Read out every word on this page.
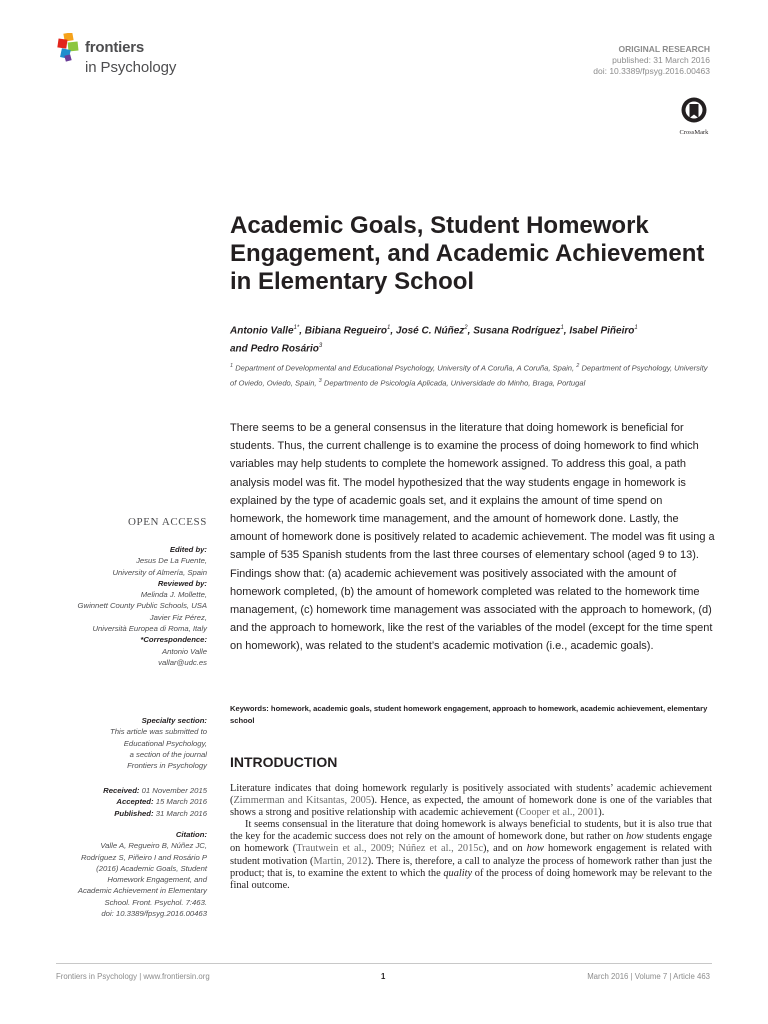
frontiers
in Psychology
ORIGINAL RESEARCH
published: 31 March 2016
doi: 10.3389/fpsyg.2016.00463
CrossMark
Academic Goals, Student Homework Engagement, and Academic Achievement in Elementary School
Antonio Valle$^{1*}$, Bibiana Regueiro$^1$, José C. Núñez$^2$, Susana Rodríguez$^1$, Isabel Piñeiro$^1$
and Pedro Rosário$^3$
$^1$ Department of Developmental and Educational Psychology, University of A Coruña, A Coruña, Spain, $^2$ Department of Psychology, University of Oviedo, Oviedo, Spain, $^3$ Departmento de Psicología Aplicada, Universidade do Minho, Braga, Portugal

There seems to be a general consensus in the literature that doing homework is beneficial for students. Thus, the current challenge is to examine the process of doing homework to find which variables may help students to complete the homework assigned. To address this goal, a path analysis model was fit. The model hypothesized that the way students engage in homework is explained by the type of academic goals set, and it explains the amount of time spend on homework, the homework time management, and the amount of homework done. Lastly, the amount of homework done is positively related to academic achievement. The model was fit using a sample of 535 Spanish students from the last three courses of elementary school (aged 9 to 13). Findings show that: (a) academic achievement was positively associated with the amount of homework completed, (b) the amount of homework completed was related to the homework time management, (c) homework time management was associated with the approach to homework, (d) and the approach to homework, like the rest of the variables of the model (except for the time spent on homework), was related to the student’s academic motivation (i.e., academic goals).

Keywords: homework, academic goals, student homework engagement, approach to homework, academic achievement, elementary school
INTRODUCTION

Literature indicates that doing homework regularly is positively associated with students’ academic achievement (Zimmerman and Kitsantas, 2005). Hence, as expected, the amount of homework done is one of the variables that shows a strong and positive relationship with academic achievement (Cooper et al., 2001).

It seems consensual in the literature that doing homework is always beneficial to students, but it is also true that the key for the academic success does not rely on the amount of homework done, but rather on how students engage on homework (Trautwein et al., 2009; Núñez et al., 2015c), and on how homework engagement is related with student motivation (Martin, 2012). There is, therefore, a call to analyze the process of homework rather than just the product; that is, to examine the extent to which the quality of the process of doing homework may be relevant to the final outcome.

OPEN ACCESS
Edited by:
Jesus De La Fuente,
University of Almería, Spain
Reviewed by:
Melinda J. Mollette,
Gwinnett County Public Schools, USA
Javier Fiz Pérez,
Università Europea di Roma, Italy
*Correspondence:
Antonio Valle
vallar@udc.es
Specialty section:
This article was submitted to
Educational Psychology,
a section of the journal
Frontiers in Psychology
Received: 01 November 2015
Accepted: 15 March 2016
Published: 31 March 2016
Citation:
Valle A, Regueiro B, Núñez JC,
Rodríguez S, Piñeiro I and Rosário P
(2016) Academic Goals, Student
Homework Engagement, and
Academic Achievement in Elementary
School. Front. Psychol. 7:463.
doi: 10.3389/fpsyg.2016.00463
Frontiers in Psychology | www.frontiersin.org	1	March 2016 | Volume 7 | Article 463
